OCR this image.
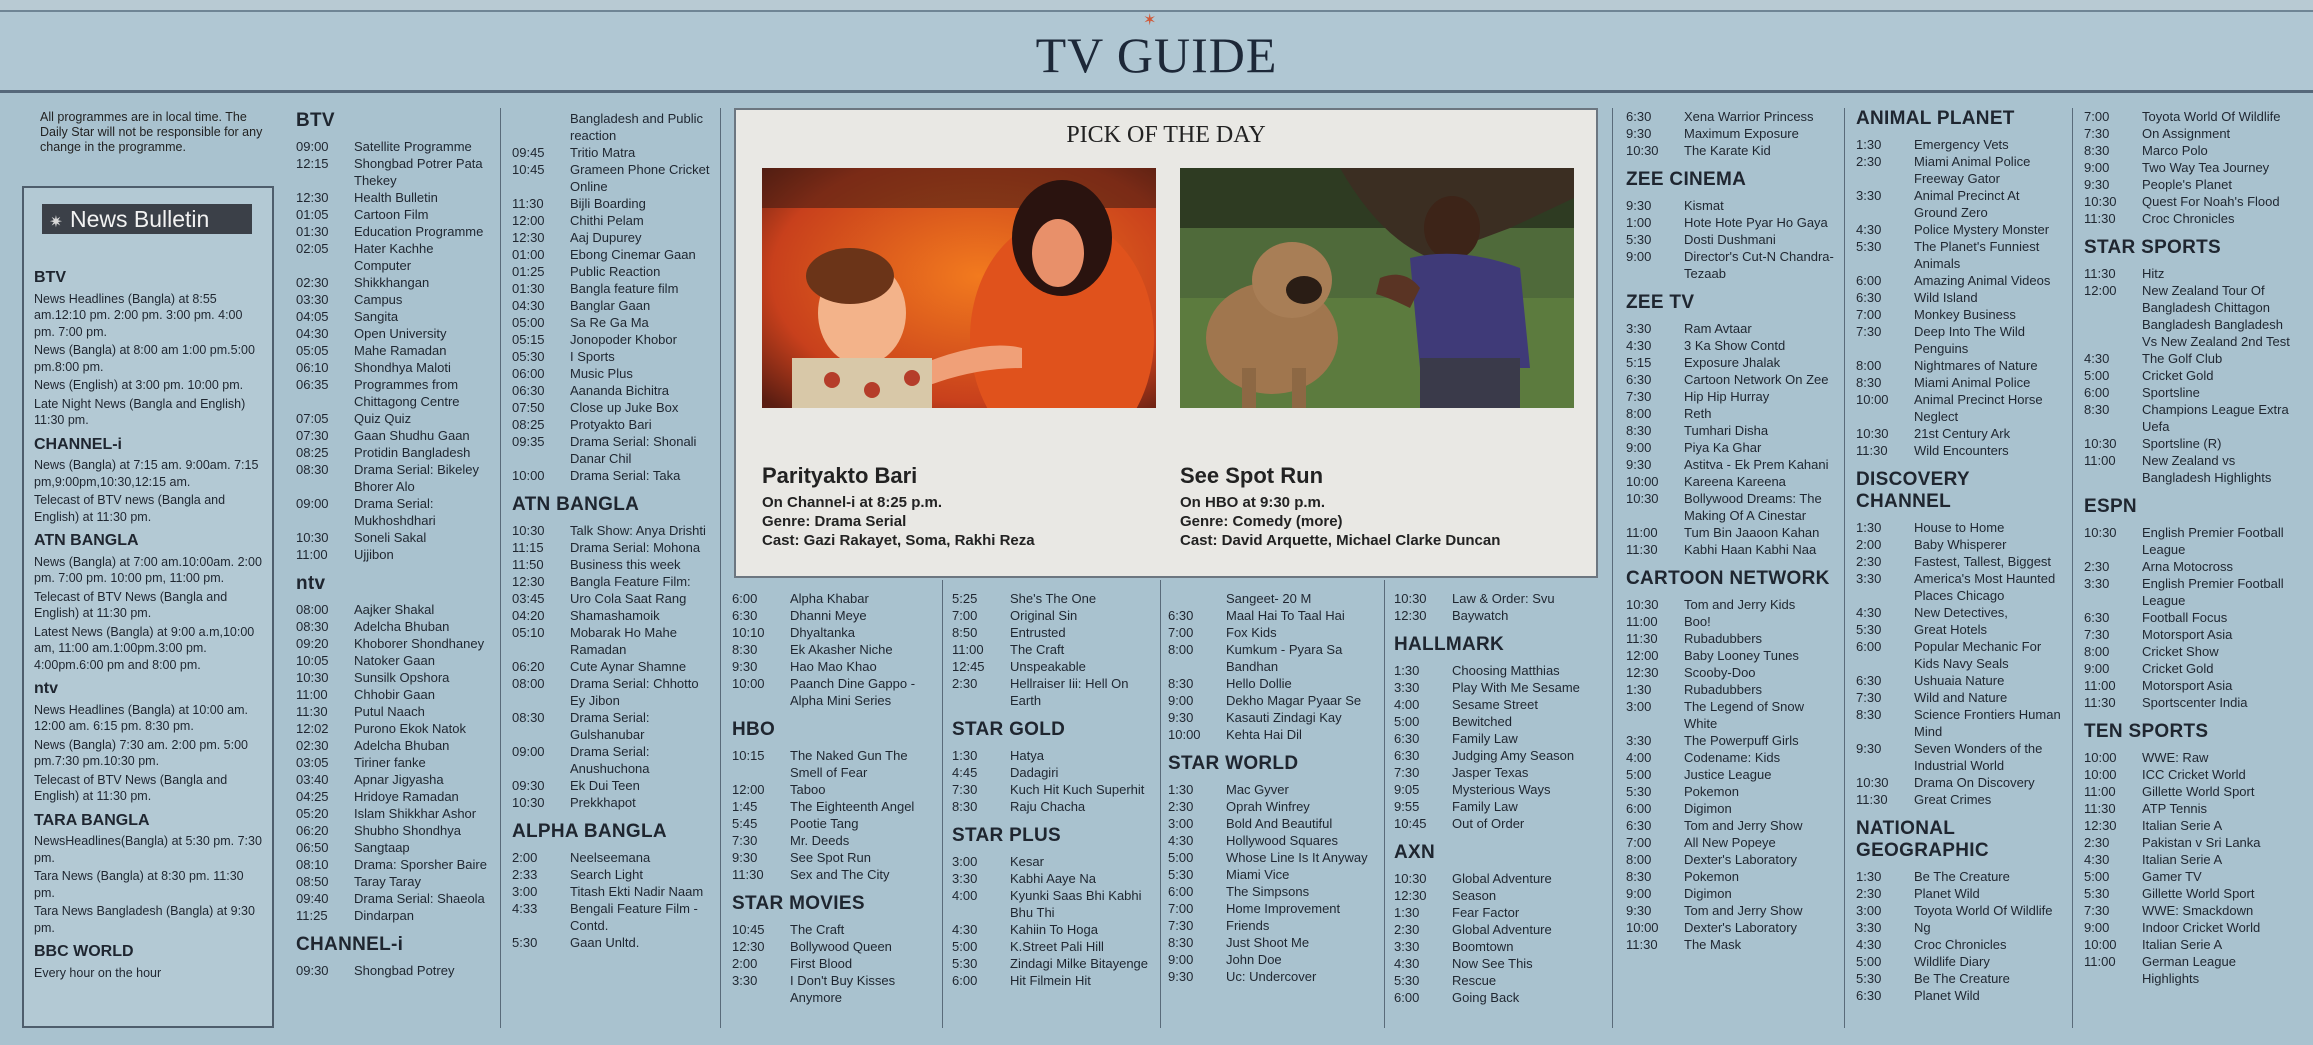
✶
TV GUIDE
All programmes are in local time. The Daily Star will not be responsible for any change in the programme.
✷ News Bulletin
BTV
News Headlines (Bangla) at 8:55 am.12:10 pm. 2:00 pm. 3:00 pm. 4:00 pm. 7:00 pm.
News (Bangla) at 8:00 am 1:00 pm.5:00 pm.8:00 pm.
News (English) at 3:00 pm. 10:00 pm.
Late Night News (Bangla and English) 11:30 pm.
CHANNEL-i
News (Bangla) at 7:15 am. 9:00am. 7:15 pm,9:00pm,10:30,12:15 am.
Telecast of BTV news (Bangla and English) at 11:30 pm.
ATN BANGLA
News (Bangla) at 7:00 am.10:00am. 2:00 pm. 7:00 pm. 10:00 pm, 11:00 pm.
Telecast of BTV News (Bangla and English) at 11:30 pm.
Latest News (Bangla) at 9:00 a.m,10:00 am, 11:00 am.1:00pm.3:00 pm. 4:00pm.6:00 pm and 8:00 pm.
ntv
News Headlines (Bangla) at 10:00 am. 12:00 am. 6:15 pm. 8:30 pm.
News (Bangla) 7:30 am. 2:00 pm. 5:00 pm.7:30 pm.10:30 pm.
Telecast of BTV News (Bangla and English) at 11:30 pm.
TARA BANGLA
NewsHeadlines(Bangla) at 5:30 pm. 7:30 pm.
Tara News (Bangla) at 8:30 pm. 11:30 pm.
Tara News Bangladesh (Bangla) at 9:30 pm.
BBC WORLD
Every hour on the hour
BTV
09:00	Satellite Programme
12:15	Shongbad Potrer Pata Thekey
12:30	Health Bulletin
01:05	Cartoon Film
01:30	Education Programme
02:05	Hater Kachhe Computer
02:30	Shikkhangan
03:30	Campus
04:05	Sangita
04:30	Open University
05:05	Mahe Ramadan
06:10	Shondhya Maloti
06:35	Programmes from Chittagong Centre
07:05	Quiz Quiz
07:30	Gaan Shudhu Gaan
08:25	Protidin Bangladesh
08:30	Drama Serial: Bikeley Bhorer Alo
09:00	Drama Serial: Mukhoshdhari
10:30	Soneli Sakal
11:00	Ujjibon
ntv
08:00	Aajker Shakal
08:30	Adelcha Bhuban
09:20	Khoborer Shondhaney
10:05	Natoker Gaan
10:30	Sunsilk Opshora
11:00	Chhobir Gaan
11:30	Putul Naach
12:02	Purono Ekok Natok
02:30	Adelcha Bhuban
03:05	Tiriner fanke
03:40	Apnar Jigyasha
04:25	Hridoye Ramadan
05:20	Islam Shikkhar Ashor
06:20	Shubho Shondhya
06:50	Sangtaap
08:10	Drama: Sporsher Baire
08:50	Taray Taray
09:40	Drama Serial: Shaeola
11:25	Dindarpan
CHANNEL-i
09:30	Shongbad Potrey
Bangladesh and Public reaction
09:45	Tritio Matra
10:45	Grameen Phone Cricket Online
11:30	Bijli Boarding
12:00	Chithi Pelam
12:30	Aaj Dupurey
01:00	Ebong Cinemar Gaan
01:25	Public Reaction
01:30	Bangla feature film
04:30	Banglar Gaan
05:00	Sa Re Ga Ma
05:15	Jonopoder Khobor
05:30	I Sports
06:00	Music Plus
06:30	Aananda Bichitra
07:50	Close up Juke Box
08:25	Protyakto Bari
09:35	Drama Serial: Shonali Danar Chil
10:00	Drama Serial: Taka
ATN BANGLA
10:30	Talk Show: Anya Drishti
11:15	Drama Serial: Mohona
11:50	Business this week
12:30	Bangla Feature Film:
03:45	Uro Cola Saat Rang
04:20	Shamashamoik
05:10	Mobarak Ho Mahe Ramadan
06:20	Cute Aynar Shamne
08:00	Drama Serial: Chhotto Ey Jibon
08:30	Drama Serial: Gulshanubar
09:00	Drama Serial: Anushuchona
09:30	Ek Dui Teen
10:30	Prekkhapot
ALPHA BANGLA
2:00	Neelseemana
2:33	Search Light
3:00	Titash Ekti Nadir Naam
4:33	Bengali Feature Film - Contd.
5:30	Gaan Unltd.
PICK OF THE DAY
Parityakto Bari
On Channel-i at 8:25 p.m.
Genre: Drama Serial
Cast: Gazi Rakayet, Soma, Rakhi Reza
See Spot Run
On HBO at 9:30 p.m.
Genre: Comedy (more)
Cast: David Arquette, Michael Clarke Duncan
6:00	Alpha Khabar
6:30	Dhanni Meye
10:10	Dhyaltanka
8:30	Ek Akasher Niche
9:30	Hao Mao Khao
10:00	Paanch Dine Gappo - Alpha Mini Series
HBO
10:15	The Naked Gun The Smell of Fear
12:00	Taboo
1:45	The Eighteenth Angel
5:45	Pootie Tang
7:30	Mr. Deeds
9:30	See Spot Run
11:30	Sex and The City
STAR MOVIES
10:45	The Craft
12:30	Bollywood Queen
2:00	First Blood
3:30	I Don't Buy Kisses Anymore
5:25	She's The One
7:00	Original Sin
8:50	Entrusted
11:00	The Craft
12:45	Unspeakable
2:30	Hellraiser Iii: Hell On Earth
STAR GOLD
1:30	Hatya
4:45	Dadagiri
7:30	Kuch Hit Kuch Superhit
8:30	Raju Chacha
STAR PLUS
3:00	Kesar
3:30	Kabhi Aaye Na
4:00	Kyunki Saas Bhi Kabhi Bhu Thi
4:30	Kahiin To Hoga
5:00	K.Street Pali Hill
5:30	Zindagi Milke Bitayenge
6:00	Hit Filmein Hit
Sangeet- 20 M
6:30	Maal Hai To Taal Hai
7:00	Fox Kids
8:00	Kumkum - Pyara Sa Bandhan
8:30	Hello Dollie
9:00	Dekho Magar Pyaar Se
9:30	Kasauti Zindagi Kay
10:00	Kehta Hai Dil
STAR WORLD
1:30	Mac Gyver
2:30	Oprah Winfrey
3:00	Bold And Beautiful
4:30	Hollywood Squares
5:00	Whose Line Is It Anyway
5:30	Miami Vice
6:00	The Simpsons
7:00	Home Improvement
7:30	Friends
8:30	Just Shoot Me
9:00	John Doe
9:30	Uc: Undercover
10:30	Law & Order: Svu
12:30	Baywatch
HALLMARK
1:30	Choosing Matthias
3:30	Play With Me Sesame
4:00	Sesame Street
5:00	Bewitched
6:30	Family Law
6:30	Judging Amy Season
7:30	Jasper Texas
9:05	Mysterious Ways
9:55	Family Law
10:45	Out of Order
AXN
10:30	Global Adventure
12:30	Season
1:30	Fear Factor
2:30	Global Adventure
3:30	Boomtown
4:30	Now See This
5:30	Rescue
6:00	Going Back
6:30	Xena Warrior Princess
9:30	Maximum Exposure
10:30	The Karate Kid
ZEE CINEMA
9:30	Kismat
1:00	Hote Hote Pyar Ho Gaya
5:30	Dosti Dushmani
9:00	Director's Cut-N Chandra-Tezaab
ZEE TV
3:30	Ram Avtaar
4:30	3 Ka Show Contd
5:15	Exposure Jhalak
6:30	Cartoon Network On Zee
7:30	Hip Hip Hurray
8:00	Reth
8:30	Tumhari Disha
9:00	Piya Ka Ghar
9:30	Astitva - Ek Prem Kahani
10:00	Kareena Kareena
10:30	Bollywood Dreams: The Making Of A Cinestar
11:00	Tum Bin Jaaoon Kahan
11:30	Kabhi Haan Kabhi Naa
CARTOON NETWORK
10:30	Tom and Jerry Kids
11:00	Boo!
11:30	Rubadubbers
12:00	Baby Looney Tunes
12:30	Scooby-Doo
1:30	Rubadubbers
3:00	The Legend of Snow White
3:30	The Powerpuff Girls
4:00	Codename: Kids
5:00	Justice League
5:30	Pokemon
6:00	Digimon
6:30	Tom and Jerry Show
7:00	All New Popeye
8:00	Dexter's Laboratory
8:30	Pokemon
9:00	Digimon
9:30	Tom and Jerry Show
10:00	Dexter's Laboratory
11:30	The Mask
ANIMAL PLANET
1:30	Emergency Vets
2:30	Miami Animal Police Freeway Gator
3:30	Animal Precinct At Ground Zero
4:30	Police Mystery Monster
5:30	The Planet's Funniest Animals
6:00	Amazing Animal Videos
6:30	Wild Island
7:00	Monkey Business
7:30	Deep Into The Wild Penguins
8:00	Nightmares of Nature
8:30	Miami Animal Police
10:00	Animal Precinct Horse Neglect
10:30	21st Century Ark
11:30	Wild Encounters
DISCOVERY CHANNEL
1:30	House to Home
2:00	Baby Whisperer
2:30	Fastest, Tallest, Biggest
3:30	America's Most Haunted Places Chicago
4:30	New Detectives,
5:30	Great Hotels
6:00	Popular Mechanic For Kids Navy Seals
6:30	Ushuaia Nature
7:30	Wild and Nature
8:30	Science Frontiers Human Mind
9:30	Seven Wonders of the Industrial World
10:30	Drama On Discovery
11:30	Great Crimes
NATIONAL GEOGRAPHIC
1:30	Be The Creature
2:30	Planet Wild
3:00	Toyota World Of Wildlife
3:30	Ng
4:30	Croc Chronicles
5:00	Wildlife Diary
5:30	Be The Creature
6:30	Planet Wild
7:00	Toyota World Of Wildlife
7:30	On Assignment
8:30	Marco Polo
9:00	Two Way Tea Journey
9:30	People's Planet
10:30	Quest For Noah's Flood
11:30	Croc Chronicles
STAR SPORTS
11:30	Hitz
12:00	New Zealand Tour Of Bangladesh Chittagon Bangladesh Bangladesh Vs New Zealand 2nd Test
4:30	The Golf Club
5:00	Cricket Gold
6:00	Sportsline
8:30	Champions League Extra Uefa
10:30	Sportsline (R)
11:00	New Zealand vs Bangladesh Highlights
ESPN
10:30	English Premier Football League
2:30	Arna Motocross
3:30	English Premier Football League
6:30	Football Focus
7:30	Motorsport Asia
8:00	Cricket Show
9:00	Cricket Gold
11:00	Motorsport Asia
11:30	Sportscenter India
TEN SPORTS
10:00	WWE: Raw
10:00	ICC Cricket World
11:00	Gillette World Sport
11:30	ATP Tennis
12:30	Italian Serie A
2:30	Pakistan v Sri Lanka
4:30	Italian Serie A
5:00	Gamer TV
5:30	Gillette World Sport
7:30	WWE: Smackdown
9:00	Indoor Cricket World
10:00	Italian Serie A
11:00	German League Highlights
